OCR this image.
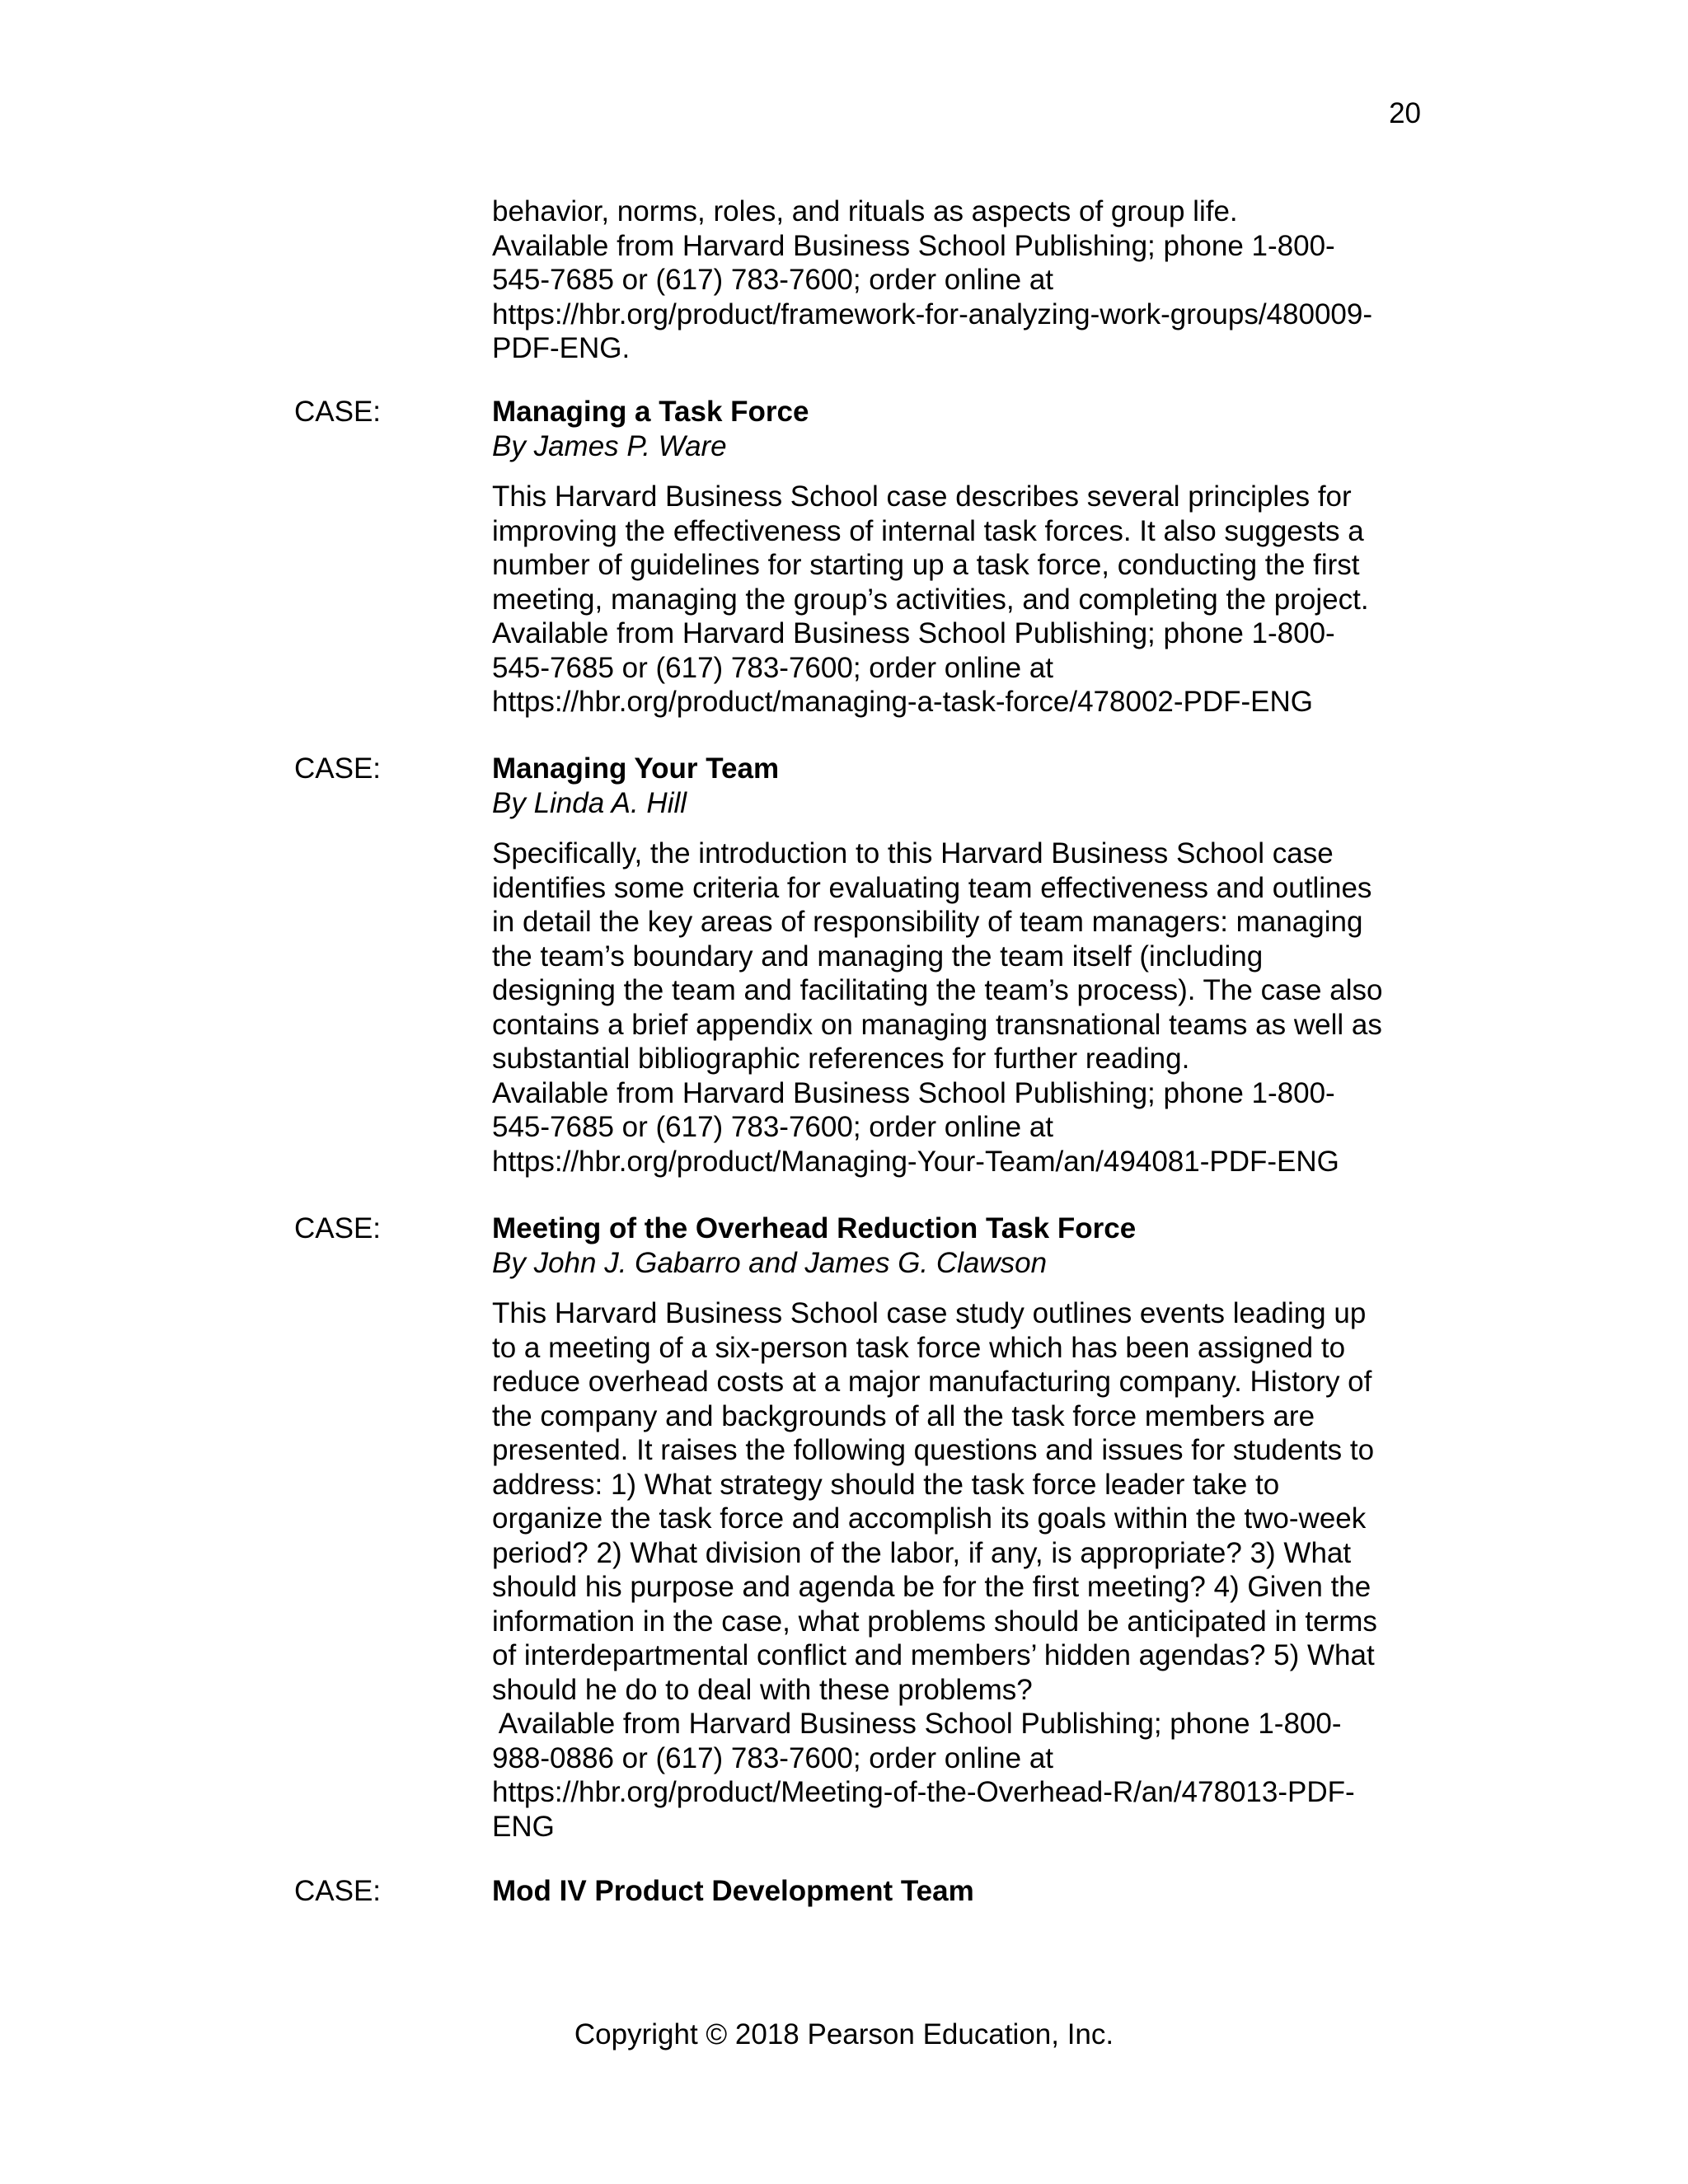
20
behavior, norms, roles, and rituals as aspects of group life.
Available from Harvard Business School Publishing; phone 1-800-
545-7685 or (617) 783-7600; order online at
https://hbr.org/product/framework-for-analyzing-work-groups/480009-
PDF-ENG.
CASE:	Managing a Task Force
By James P. Ware
This Harvard Business School case describes several principles for
improving the effectiveness of internal task forces. It also suggests a
number of guidelines for starting up a task force, conducting the first
meeting, managing the group’s activities, and completing the project.
Available from Harvard Business School Publishing; phone 1-800-
545-7685 or (617) 783-7600; order online at
https://hbr.org/product/managing-a-task-force/478002-PDF-ENG
CASE:	Managing Your Team
By Linda A. Hill
Specifically, the introduction to this Harvard Business School case
identifies some criteria for evaluating team effectiveness and outlines
in detail the key areas of responsibility of team managers: managing
the team’s boundary and managing the team itself (including
designing the team and facilitating the team’s process). The case also
contains a brief appendix on managing transnational teams as well as
substantial bibliographic references for further reading.
Available from Harvard Business School Publishing; phone 1-800-
545-7685 or (617) 783-7600; order online at
https://hbr.org/product/Managing-Your-Team/an/494081-PDF-ENG
CASE:	Meeting of the Overhead Reduction Task Force
By John J. Gabarro and James G. Clawson
This Harvard Business School case study outlines events leading up
to a meeting of a six-person task force which has been assigned to
reduce overhead costs at a major manufacturing company. History of
the company and backgrounds of all the task force members are
presented. It raises the following questions and issues for students to
address: 1) What strategy should the task force leader take to
organize the task force and accomplish its goals within the two-week
period? 2) What division of the labor, if any, is appropriate? 3) What
should his purpose and agenda be for the first meeting? 4) Given the
information in the case, what problems should be anticipated in terms
of interdepartmental conflict and members’ hidden agendas? 5) What
should he do to deal with these problems?
Available from Harvard Business School Publishing; phone 1-800-
988-0886 or (617) 783-7600; order online at
https://hbr.org/product/Meeting-of-the-Overhead-R/an/478013-PDF-
ENG
CASE:	Mod IV Product Development Team
Copyright © 2018 Pearson Education, Inc.
